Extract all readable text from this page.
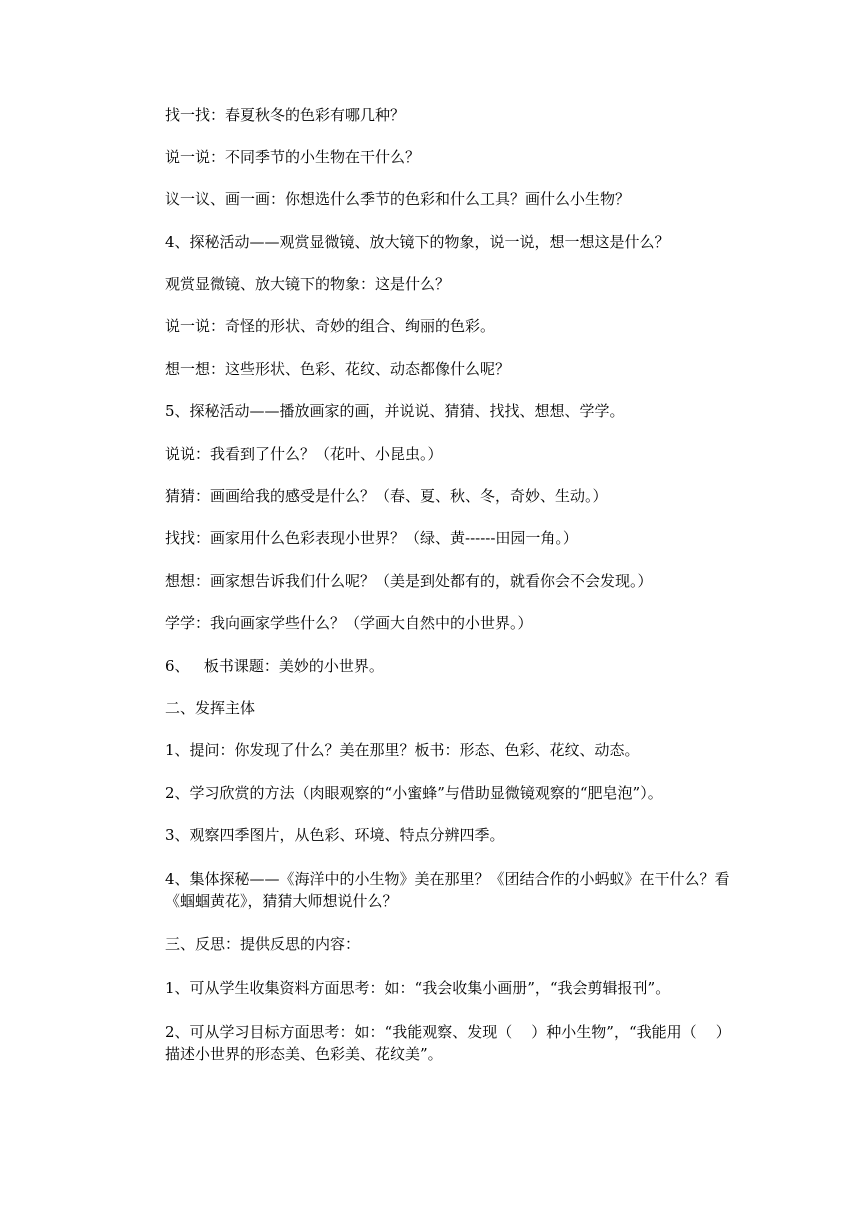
找一找：春夏秋冬的色彩有哪几种？
说一说：不同季节的小生物在干什么？
议一议、画一画：你想选什么季节的色彩和什么工具？画什么小生物？
4、探秘活动——观赏显微镜、放大镜下的物象，说一说，想一想这是什么？
观赏显微镜、放大镜下的物象：这是什么？
说一说：奇怪的形状、奇妙的组合、绚丽的色彩。
想一想：这些形状、色彩、花纹、动态都像什么呢？
5、探秘活动——播放画家的画，并说说、猜猜、找找、想想、学学。
说说：我看到了什么？（花叶、小昆虫。）
猜猜：画画给我的感受是什么？（春、夏、秋、冬，奇妙、生动。）
找找：画家用什么色彩表现小世界？（绿、黄------田园一角。）
想想：画家想告诉我们什么呢？（美是到处都有的，就看你会不会发现。）
学学：我向画家学些什么？（学画大自然中的小世界。）
6、   板书课题：美妙的小世界。
二、发挥主体
1、提问：你发现了什么？美在那里？板书：形态、色彩、花纹、动态。
2、学习欣赏的方法（肉眼观察的“小蜜蜂”与借助显微镜观察的“肥皂泡”）。
3、观察四季图片，从色彩、环境、特点分辨四季。
4、集体探秘——《海洋中的小生物》美在那里？《团结合作的小蚂蚁》在干什么？看《蝈蝈黄花》，猜猜大师想说什么？
三、反思：提供反思的内容：
1、可从学生收集资料方面思考：如：“我会收集小画册”，“我会剪辑报刊”。
2、可从学习目标方面思考：如：“我能观察、发现（    ）种小生物”，“我能用（    ）描述小世界的形态美、色彩美、花纹美”。
